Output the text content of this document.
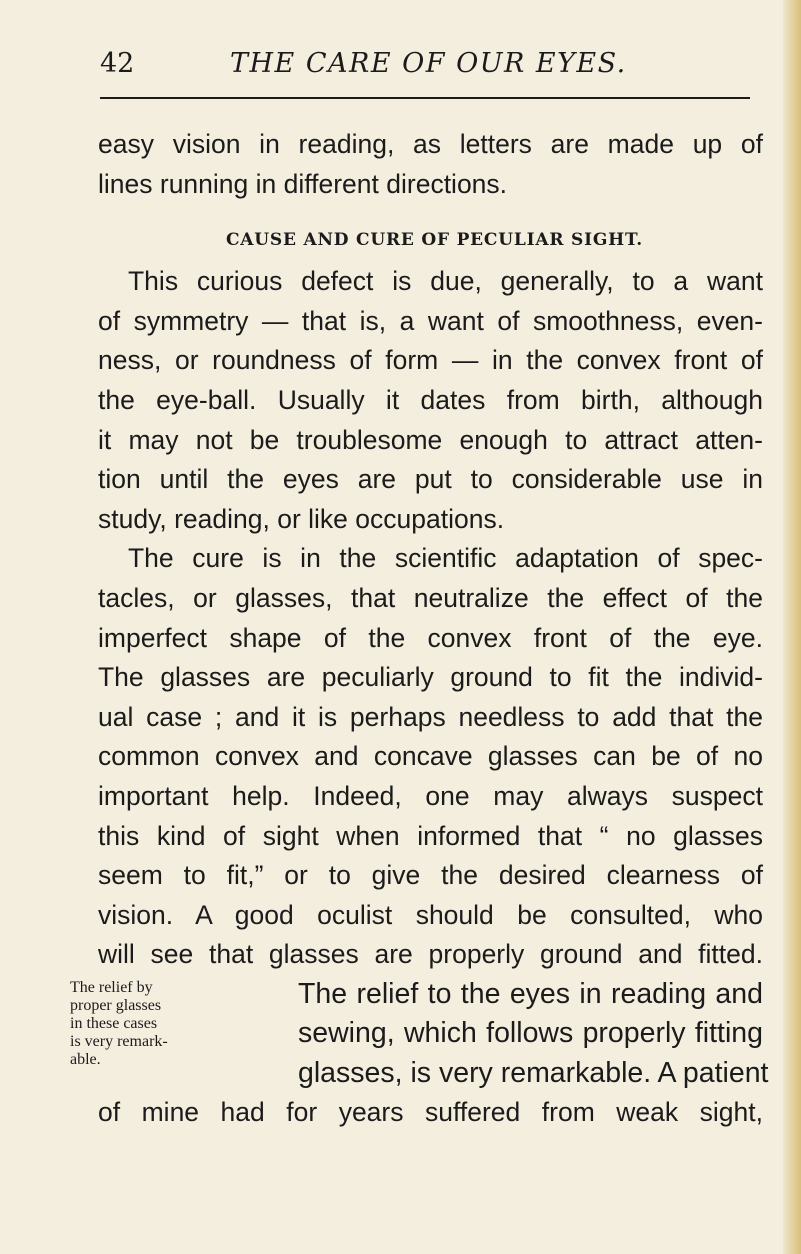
42	THE CARE OF OUR EYES.
easy vision in reading, as letters are made up of
lines running in different directions.
CAUSE AND CURE OF PECULIAR SIGHT.
This curious defect is due, generally, to a want
of symmetry — that is, a want of smoothness, even-
ness, or roundness of form — in the convex front of
the eye-ball. Usually it dates from birth, although
it may not be troublesome enough to attract atten-
tion until the eyes are put to considerable use in
study, reading, or like occupations.
The cure is in the scientific adaptation of spec-
tacles, or glasses, that neutralize the effect of the
imperfect shape of the convex front of the eye.
The glasses are peculiarly ground to fit the individ-
ual case ; and it is perhaps needless to add that the
common convex and concave glasses can be of no
important help. Indeed, one may always suspect
this kind of sight when informed that “ no glasses
seem to fit,” or to give the desired clearness of
vision. A good oculist should be consulted, who
will see that glasses are properly ground and fitted.
The relief by
proper glasses
in these cases
is very remark-
able.
The relief to the eyes in reading and
sewing, which follows properly fitting
glasses, is very remarkable. A patient
of mine had for years suffered from weak sight,
